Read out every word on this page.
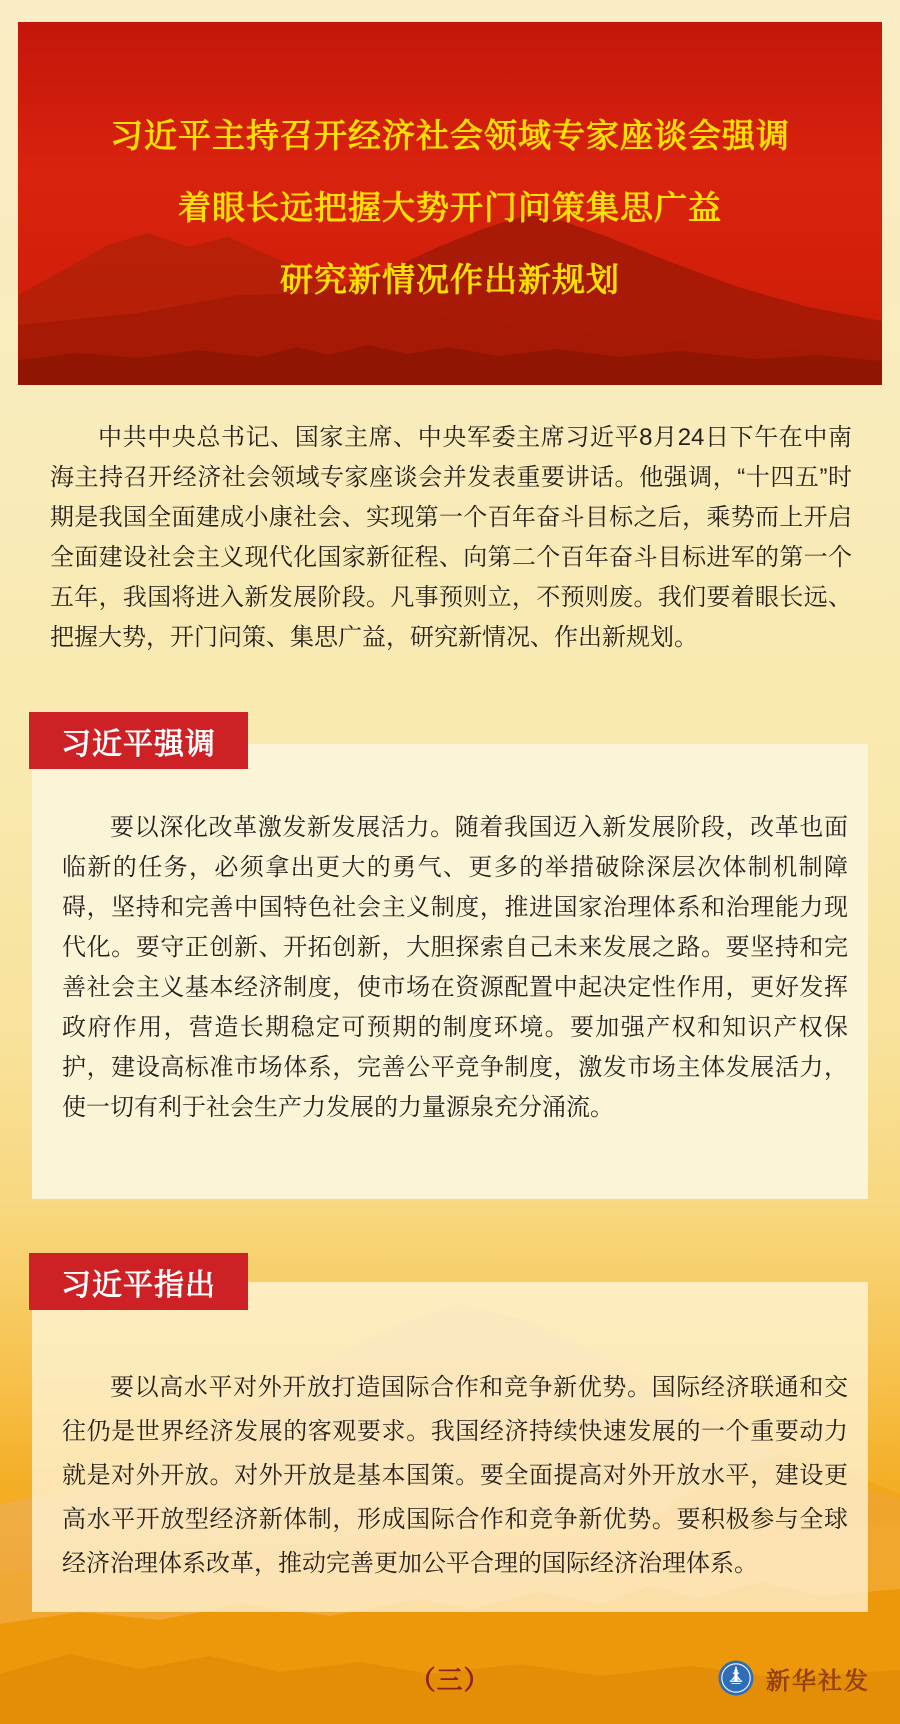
习近平主持召开经济社会领域专家座谈会强调
着眼长远把握大势开门问策集思广益
研究新情况作出新规划

中共中央总书记、国家主席、中央军委主席习近平8月24日下午在中南海主持召开经济社会领域专家座谈会并发表重要讲话。他强调，“十四五”时期是我国全面建成小康社会、实现第一个百年奋斗目标之后，乘势而上开启全面建设社会主义现代化国家新征程、向第二个百年奋斗目标进军的第一个五年，我国将进入新发展阶段。凡事预则立，不预则废。我们要着眼长远、把握大势，开门问策、集思广益，研究新情况、作出新规划。

习近平强调

要以深化改革激发新发展活力。随着我国迈入新发展阶段，改革也面临新的任务，必须拿出更大的勇气、更多的举措破除深层次体制机制障碍，坚持和完善中国特色社会主义制度，推进国家治理体系和治理能力现代化。要守正创新、开拓创新，大胆探索自己未来发展之路。要坚持和完善社会主义基本经济制度，使市场在资源配置中起决定性作用，更好发挥政府作用，营造长期稳定可预期的制度环境。要加强产权和知识产权保护，建设高标准市场体系，完善公平竞争制度，激发市场主体发展活力，使一切有利于社会生产力发展的力量源泉充分涌流。

习近平指出

要以高水平对外开放打造国际合作和竞争新优势。国际经济联通和交往仍是世界经济发展的客观要求。我国经济持续快速发展的一个重要动力就是对外开放。对外开放是基本国策。要全面提高对外开放水平，建设更高水平开放型经济新体制，形成国际合作和竞争新优势。要积极参与全球经济治理体系改革，推动完善更加公平合理的国际经济治理体系。

（三）	新华社发
